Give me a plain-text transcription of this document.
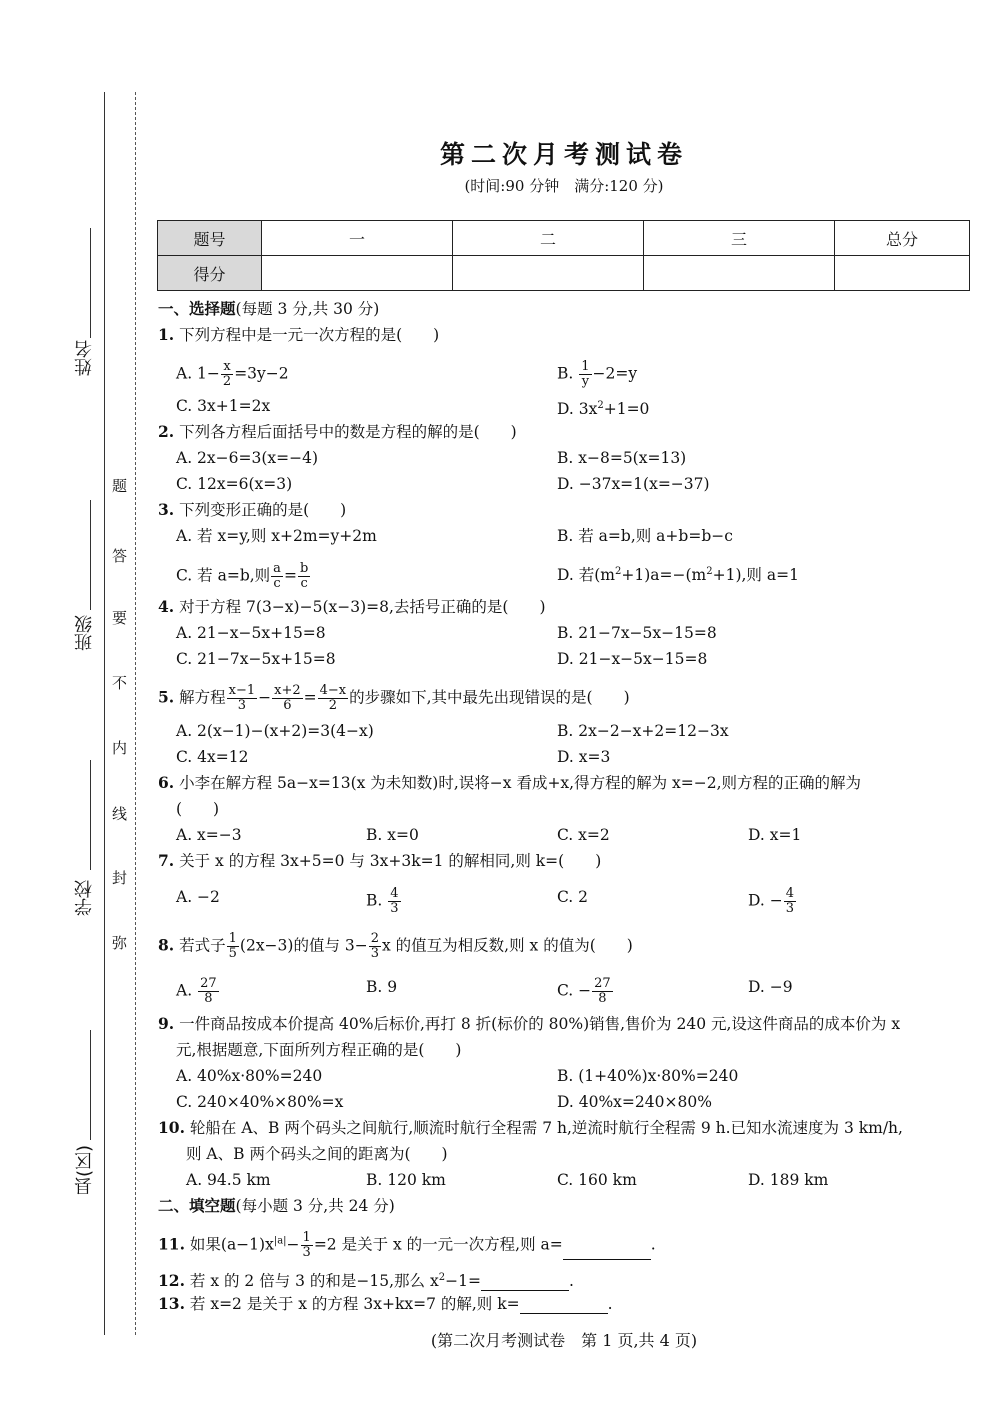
姓名
班级
学校
县(区)
题
答
要
不
内
线
封
弥
第二次月考测试卷
(时间:90 分钟　满分:120 分)
题号	一	二	三	总分
得分				
一、选择题(每题 3 分,共 30 分)
1. 下列方程中是一元一次方程的是(　　)
A. $1- \frac{x}{2} =3y-2$	B. $\frac{1}{y} -2=y$
C. 3x+1=2x	D. $3x^2+1=0$
2. 下列各方程后面括号中的数是方程的解的是(　　)
A. 2x−6=3(x=−4)	B. x−8=5(x=13)
C. 12x=6(x=3)	D. −37x=1(x=−37)
3. 下列变形正确的是(　　)
A. 若 x=y,则 x+2m=y+2m	B. 若 a=b,则 a+b=b−c
C. 若 a=b,则 $\frac{a}{c} = \frac{b}{c}$	D. 若$(m^2+1)a=-(m^2+1)$,则 a=1
4. 对于方程 7(3−x)−5(x−3)=8,去括号正确的是(　　)
A. 21−x−5x+15=8	B. 21−7x−5x−15=8
C. 21−7x−5x+15=8	D. 21−x−5x−15=8
5. 解方程 $\frac{x-1}{3} - \frac{x+2}{6} = \frac{4-x}{2}$ 的步骤如下,其中最先出现错误的是(　　)
A. 2(x−1)−(x+2)=3(4−x)	B. 2x−2−x+2=12−3x
C. 4x=12	D. x=3
6. 小李在解方程 5a−x=13(x 为未知数)时,误将−x 看成+x,得方程的解为 x=−2,则方程的正确的解为
(　　)
A. x=−3	B. x=0	C. x=2	D. x=1
7. 关于 x 的方程 3x+5=0 与 3x+3k=1 的解相同,则 k=(　　)
A. −2	B. $\frac{4}{3}$	C. 2	D. − $\frac{4}{3}$
8. 若式子 $\frac{1}{5} (2x-3)$的值与 $3- \frac{2}{3}$ x 的值互为相反数,则 x 的值为(　　)
A. $\frac{27}{8}$	B. 9	C. − $\frac{27}{8}$	D. −9
9. 一件商品按成本价提高 40%后标价,再打 8 折(标价的 80%)销售,售价为 240 元,设这件商品的成本价为 x
元,根据题意,下面所列方程正确的是(　　)
A. 40%x·80%=240	B. (1+40%)x·80%=240
C. 240×40%×80%=x	D. 40%x=240×80%
10. 轮船在 A、B 两个码头之间航行,顺流时航行全程需 7 h,逆流时航行全程需 9 h.已知水流速度为 3 km/h,
则 A、B 两个码头之间的距离为(　　)
A. 94.5 km	B. 120 km	C. 160 km	D. 189 km
二、填空题(每小题 3 分,共 24 分)
11. 如果$(a-1)x^{|a|}- \frac{1}{3} =2$ 是关于 x 的一元一次方程,则 a=	.
12. 若 x 的 2 倍与 3 的和是−15,那么 $x^2-1=$	.
13. 若 x=2 是关于 x 的方程 3x+kx=7 的解,则 k=	.
(第二次月考测试卷　第 1 页,共 4 页)
